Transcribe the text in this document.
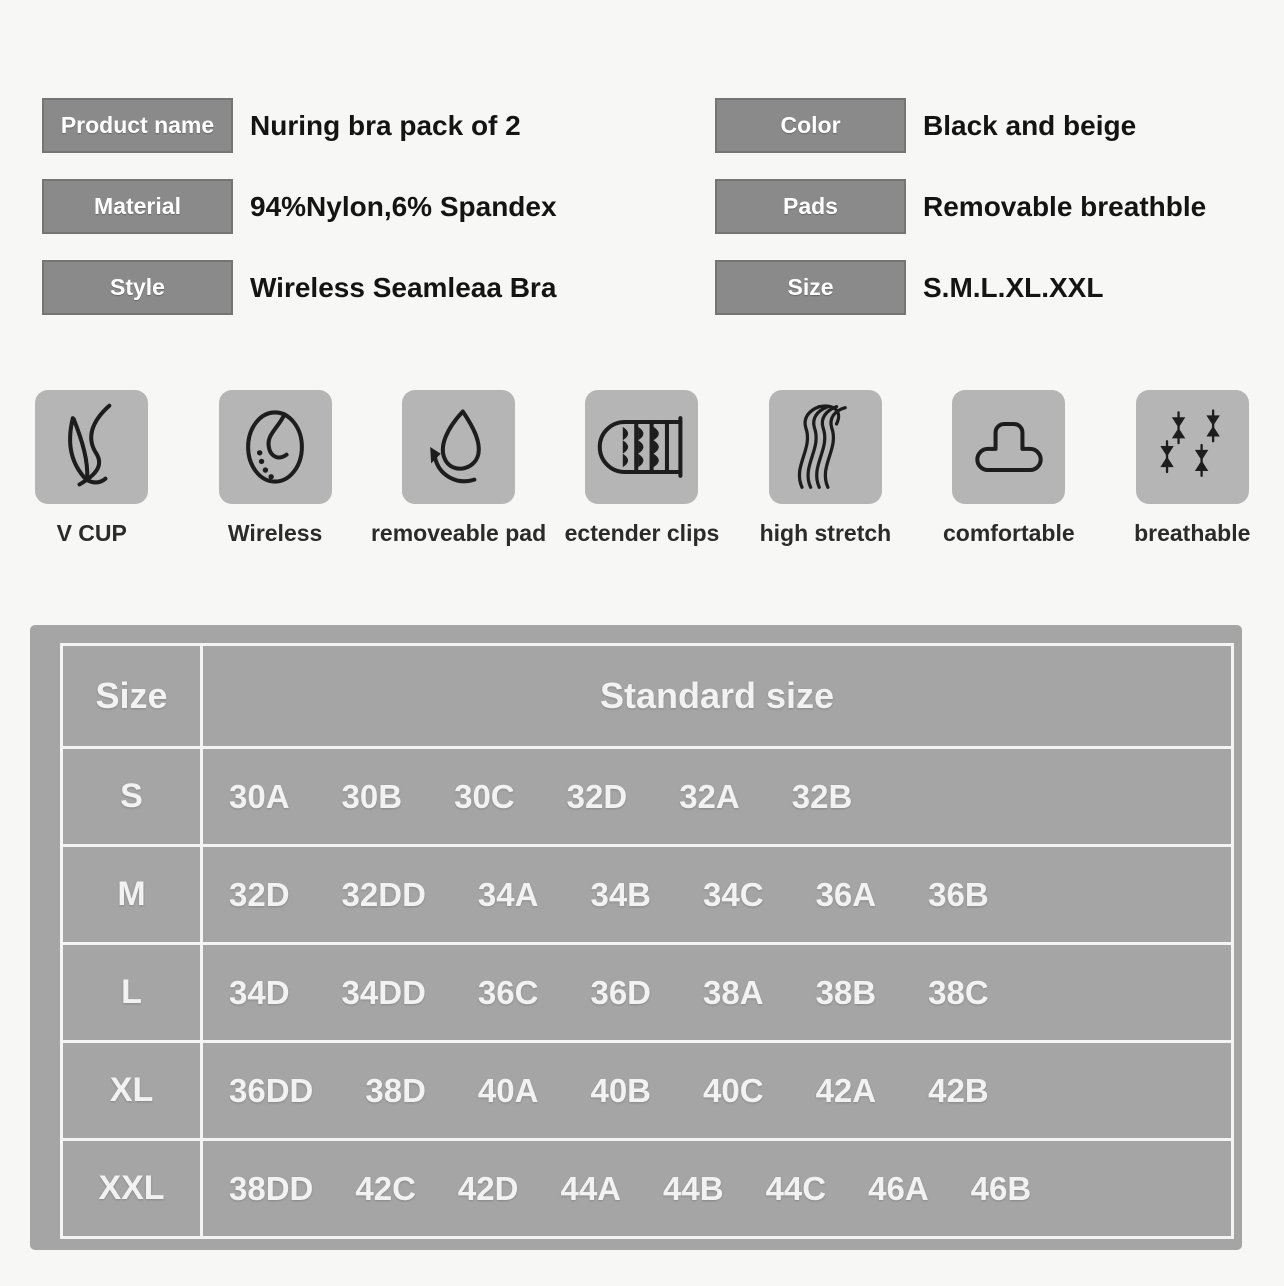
Product name	Nuring bra pack of 2
Material	94%Nylon,6% Spandex
Style	Wireless Seamleaa Bra
Color	Black and beige
Pads	Removable breathble
Size	S.M.L.XL.XXL
V CUP	Wireless removeable pad ectender clips high stretch comfortable	breathable
Size	Standard size
S	30A 30B 30C 32D 32A 32B
M	32D 32DD 34A 34B 34C 36A 36B
L	34D 34DD 36C 36D 38A 38B 38C
XL	36DD 38D 40A 40B 40C 42A 42B
XXL	38DD 42C 42D 44A 44B 44C 46A 46B
